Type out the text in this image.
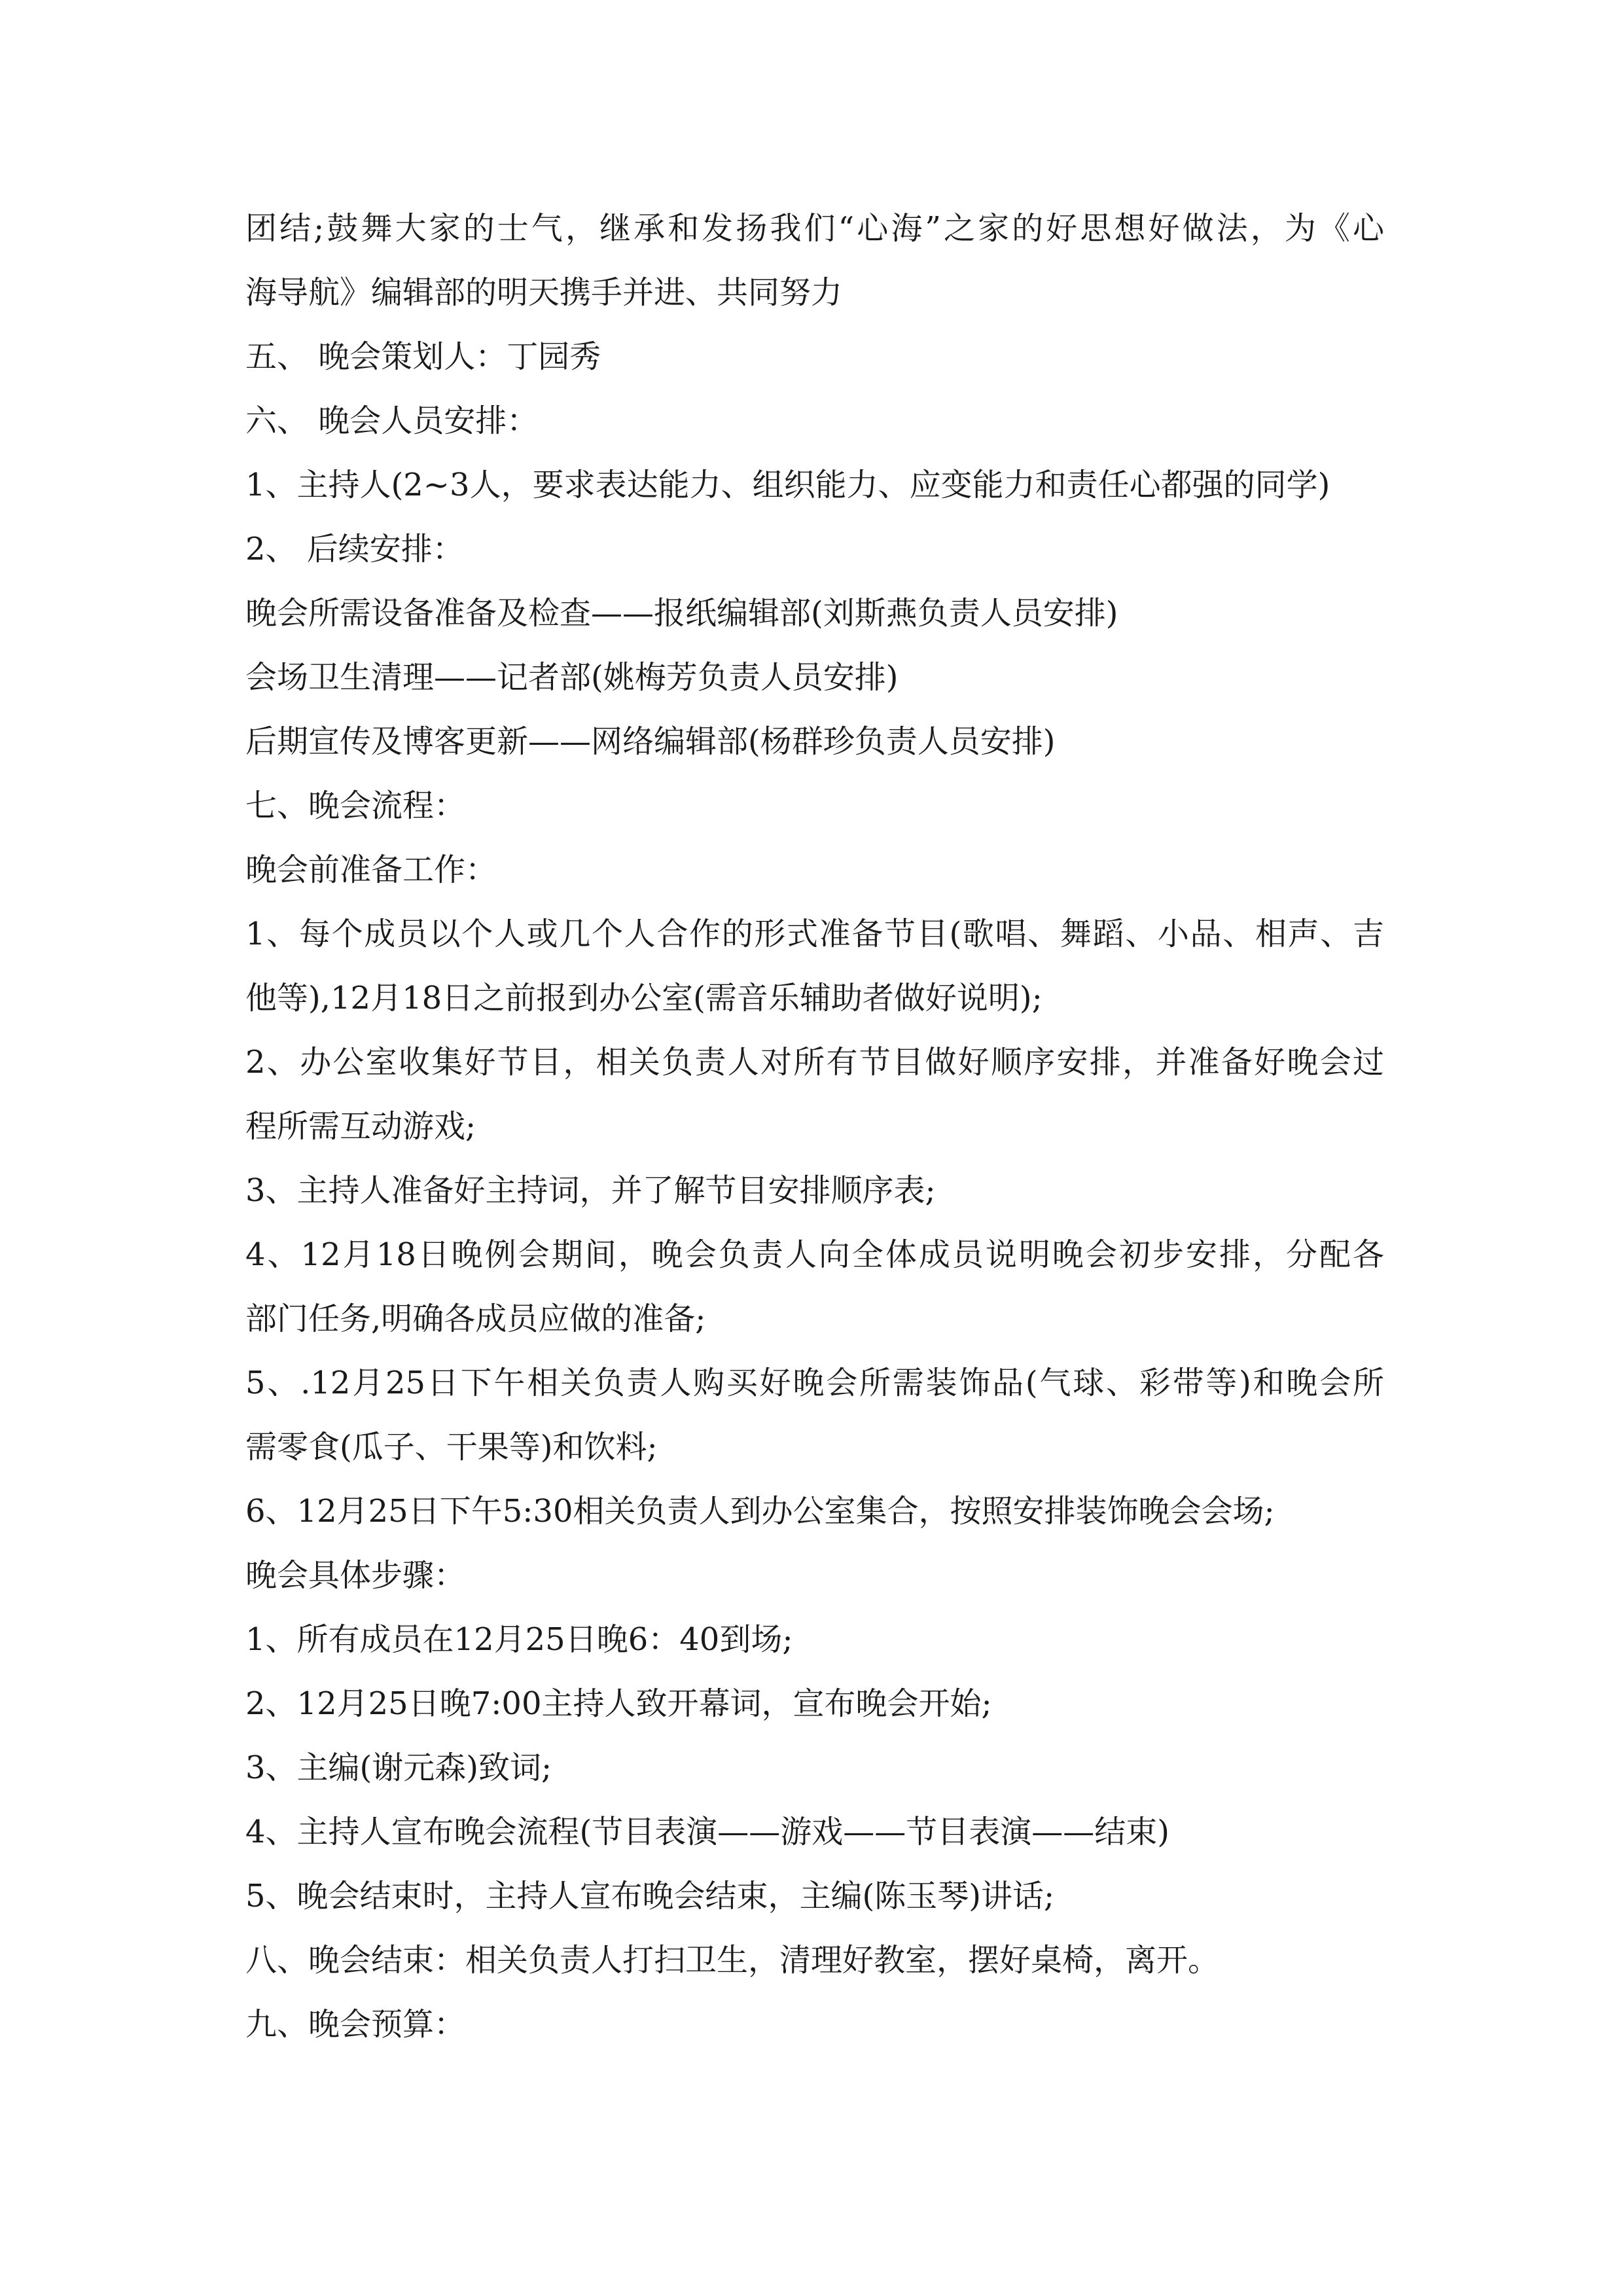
团结;鼓舞大家的士气，继承和发扬我们“心海”之家的好思想好做法，为《心
海导航》编辑部的明天携手并进、共同努力
五、 晚会策划人：丁园秀
六、 晚会人员安排：
1、主持人(2~3人，要求表达能力、组织能力、应变能力和责任心都强的同学)
2、 后续安排：
晚会所需设备准备及检查——报纸编辑部(刘斯燕负责人员安排)
会场卫生清理——记者部(姚梅芳负责人员安排)
后期宣传及博客更新——网络编辑部(杨群珍负责人员安排)
七、晚会流程：
晚会前准备工作：
1、每个成员以个人或几个人合作的形式准备节目(歌唱、舞蹈、小品、相声、吉
他等),12月18日之前报到办公室(需音乐辅助者做好说明);
2、办公室收集好节目，相关负责人对所有节目做好顺序安排，并准备好晚会过
程所需互动游戏;
3、主持人准备好主持词，并了解节目安排顺序表;
4、12月18日晚例会期间，晚会负责人向全体成员说明晚会初步安排，分配各
部门任务,明确各成员应做的准备;
5、.12月25日下午相关负责人购买好晚会所需装饰品(气球、彩带等)和晚会所
需零食(瓜子、干果等)和饮料;
6、12月25日下午5:30相关负责人到办公室集合，按照安排装饰晚会会场;
晚会具体步骤：
1、所有成员在12月25日晚6：40到场;
2、12月25日晚7:00主持人致开幕词，宣布晚会开始;
3、主编(谢元森)致词;
4、主持人宣布晚会流程(节目表演——游戏——节目表演——结束)
5、晚会结束时，主持人宣布晚会结束，主编(陈玉琴)讲话;
八、晚会结束：相关负责人打扫卫生，清理好教室，摆好桌椅，离开。
九、晚会预算：
